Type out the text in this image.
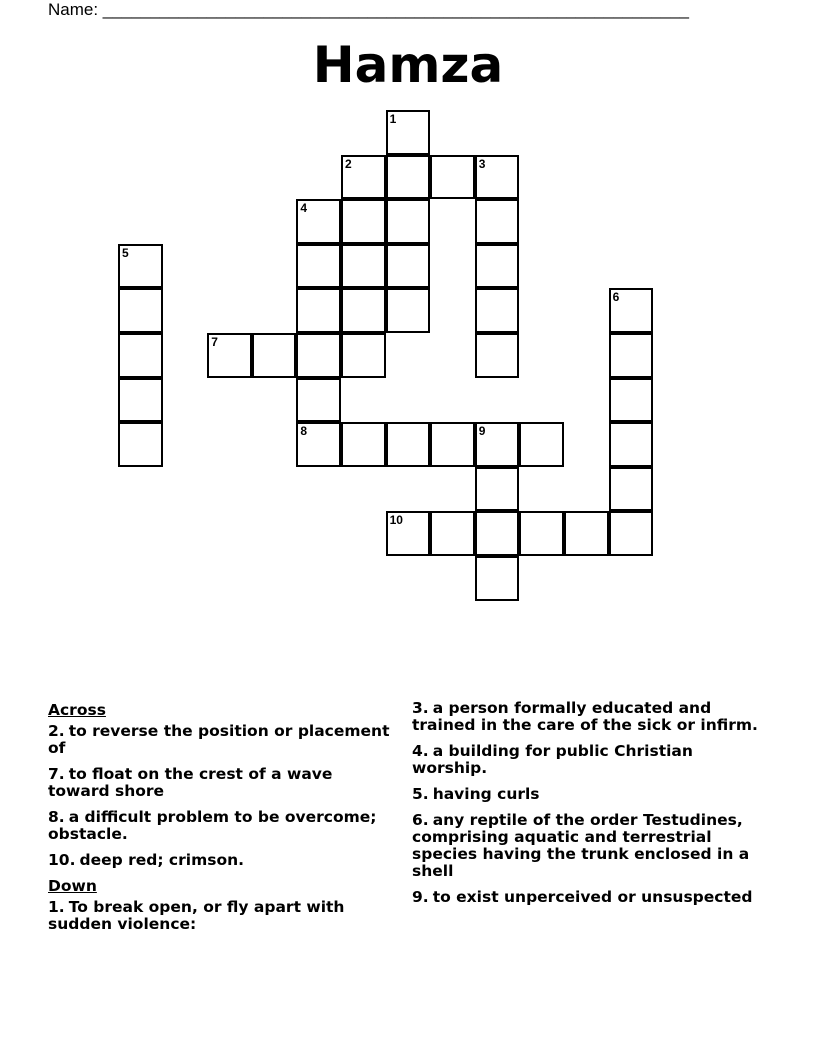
Name: ______________________________________________________________
Hamza
1
2	3
4
5
6
7
8	9
10
Across
2. to reverse the position or placement of
7. to float on the crest of a wave toward shore
8. a difficult problem to be overcome; obstacle.
10. deep red; crimson.
Down
1. To break open, or fly apart with sudden violence:
3. a person formally educated and trained in the care of the sick or infirm.
4. a building for public Christian worship.
5. having curls
6. any reptile of the order Testudines, comprising aquatic and terrestrial species having the trunk enclosed in a shell
9. to exist unperceived or unsuspected
